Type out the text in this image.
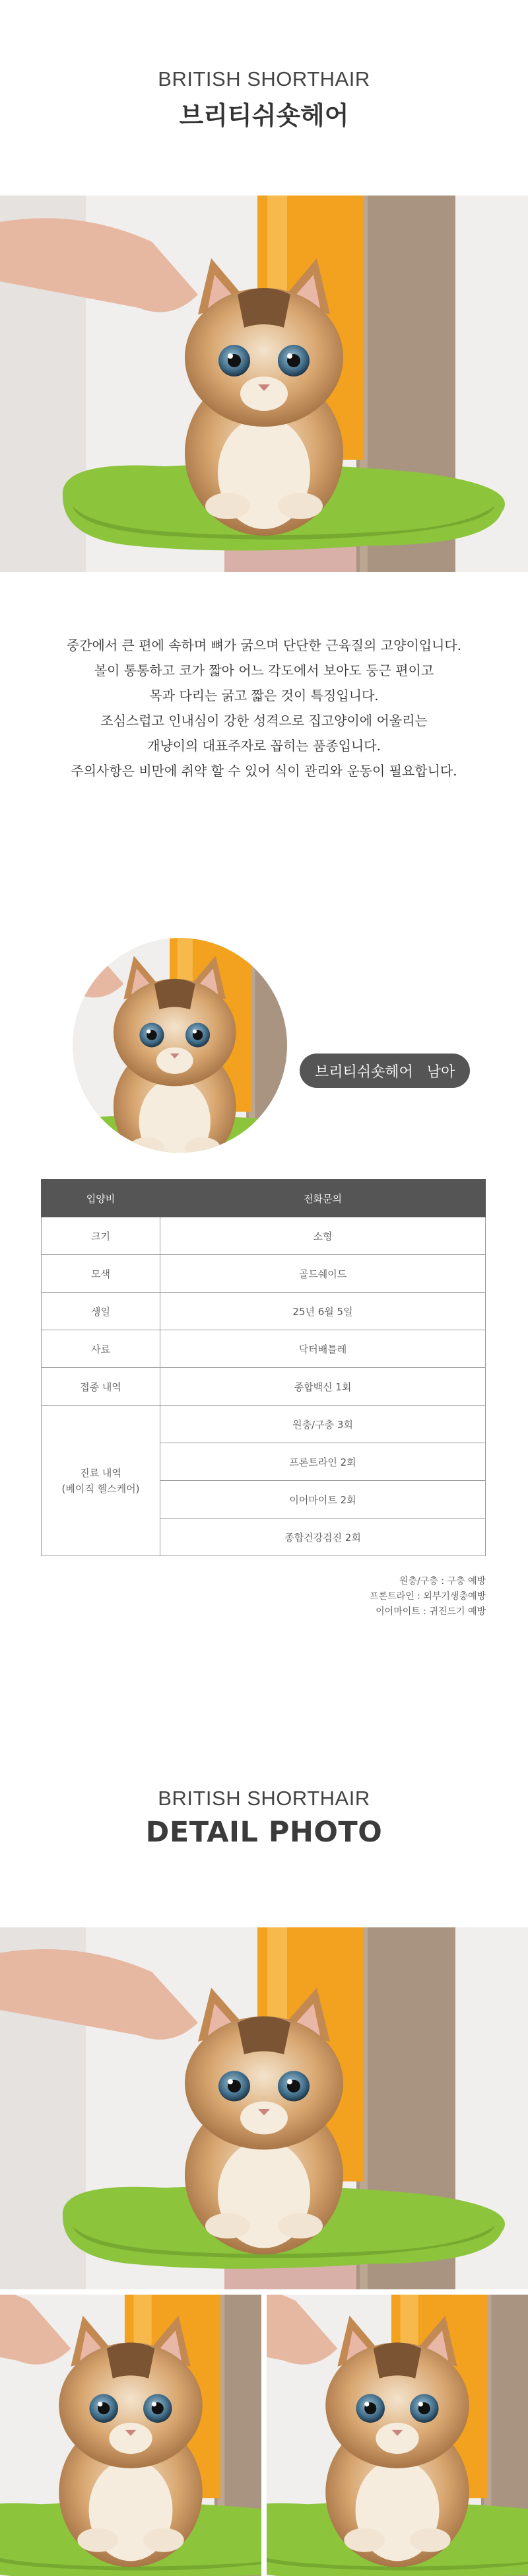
BRITISH SHORTHAIR
브리티쉬숏헤어

중간에서 큰 편에 속하며 뼈가 굵으며 단단한 근육질의 고양이입니다.

볼이 통통하고 코가 짧아 어느 각도에서 보아도 둥근 편이고

목과 다리는 굵고 짧은 것이 특징입니다.

조심스럽고 인내심이 강한 성격으로 집고양이에 어울리는

개냥이의 대표주자로 꼽히는 품종입니다.

주의사항은 비만에 취약 할 수 있어 식이 관리와 운동이 필요합니다.

브리티쉬숏헤어   남아
입양비	전화문의
크기	소형
모색	골드쉐이드
생일	25년 6월 5일
사료	닥터배틀레
접종 내역	종합백신 1회

진료 내역
(베이직 헬스케어)	원충/구충 3회
	프론트라인 2회
	이어마이트 2회
	종합건강검진 2회
원충/구충 : 구충 예방
프론트라인 : 외부기생충예방
이어마이트 : 귀진드기 예방
BRITISH SHORTHAIR
DETAIL PHOTO
